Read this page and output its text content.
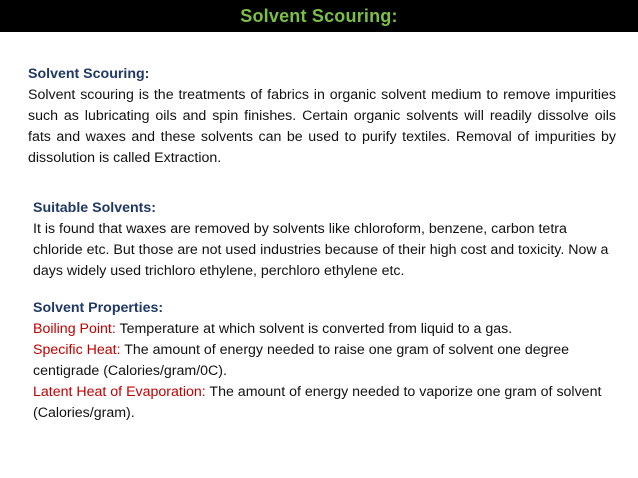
Solvent Scouring:
Solvent Scouring:
Solvent scouring is the treatments of fabrics in organic solvent medium to remove impurities such as lubricating oils and spin finishes. Certain organic solvents will readily dissolve oils fats and waxes and these solvents can be used to purify textiles. Removal of impurities by dissolution is called Extraction.
Suitable Solvents:
It is found that waxes are removed by solvents like chloroform, benzene, carbon tetra chloride etc. But those are not used industries because of their high cost and toxicity. Now a days widely used trichloro ethylene, perchloro ethylene etc.
Solvent Properties:
Boiling Point: Temperature at which solvent is converted from liquid to a gas.
Specific Heat: The amount of energy needed to raise one gram of solvent one degree centigrade (Calories/gram/0C).
Latent Heat of Evaporation: The amount of energy needed to vaporize one gram of solvent (Calories/gram).
